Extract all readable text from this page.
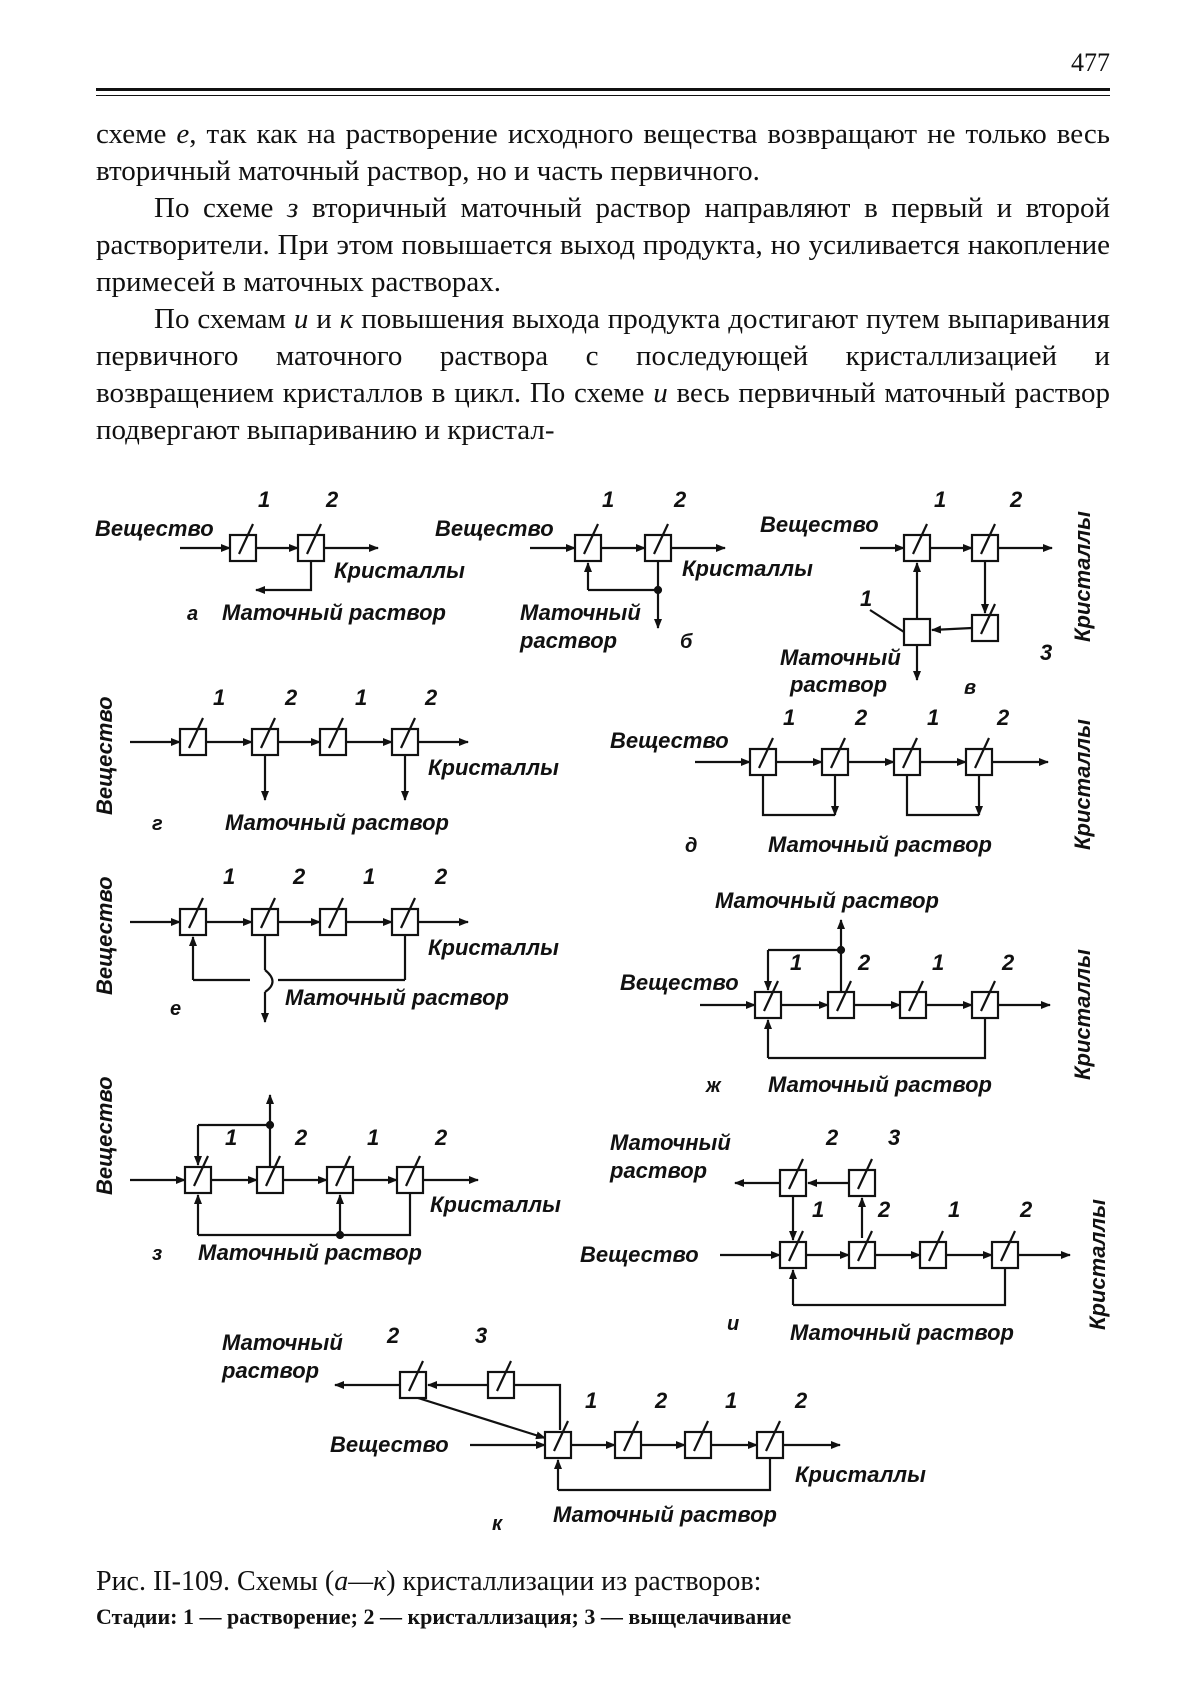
477

схеме е, так как на растворение исходного вещества возвращают не только весь вторичный маточный раствор, но и часть первичного.

По схеме з вторичный маточный раствор направляют в первый и второй растворители. При этом повышается выход продукта, но усиливается накопление примесей в маточных растворах.

По схемам и и к повышения выхода продукта достигают путем выпаривания первичного маточного раствора с последующей кристаллизацией и возвращением кристаллов в цикл. По схеме и весь первичный маточный раствор подвергают выпариванию и кристал-

Вещество
1	2
Кристаллы
а Маточный раствор
Вещество
1	2
Кристаллы
Маточный
раствор	б
Вещество
1	2
1
3
Маточный
раствор	в
Кристаллы
Вещество	1	2	1	2
Кристаллы
г	Маточный раствор
Вещество
1	2	1	2
д	Маточный раствор	Кристаллы
Вещество	1	2	1	2
Кристаллы
е	Маточный раствор
Маточный раствор
Вещество
1	2	1	2
ж Маточный раствор
Кристаллы
Вещество	1	2	1	2
з Маточный раствор
Кристаллы
Маточный
раствор
Вещество
2 3
1 2	1	2
и Маточный раствор
Кристаллы
Маточный
раствор
Вещество
2	3
1	2	1	2
Кристаллы
к Маточный раствор
Рис. II-109. Схемы (а—к) кристаллизации из растворов:
Стадии: 1 — растворение; 2 — кристаллизация; 3 — выщелачивание
